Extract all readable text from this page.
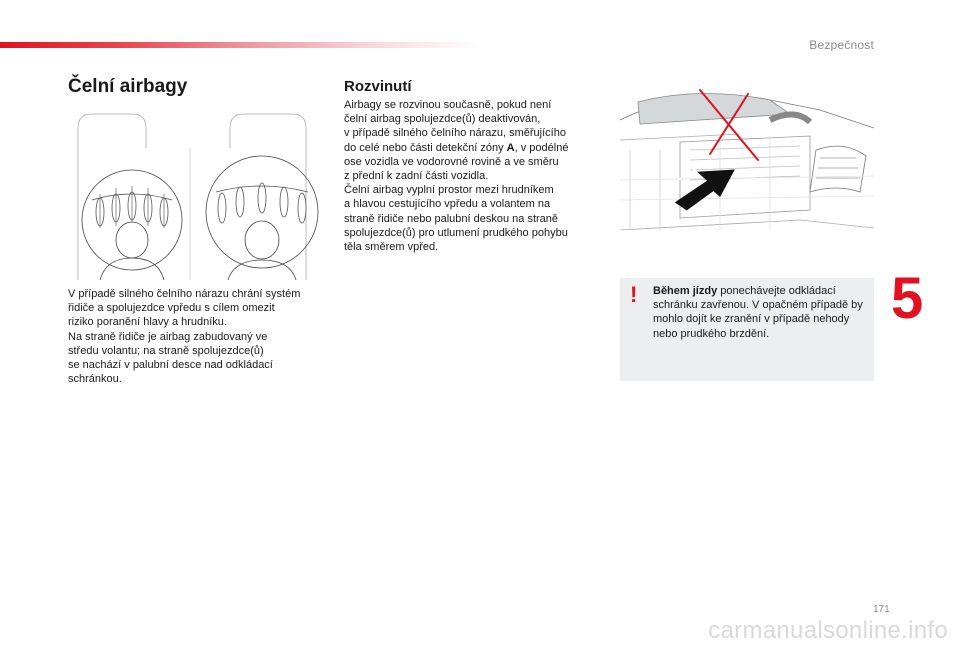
Bezpečnost
5
Čelní airbagy
V případě silného čelního nárazu chrání systém
řidiče a spolujezdce vpředu s cílem omezit
riziko poranění hlavy a hrudníku.
Na straně řidiče je airbag zabudovaný ve
středu volantu; na straně spolujezdce(ů)
se nachází v palubní desce nad odkládací
schránkou.
Rozvinutí
Airbagy se rozvinou současně, pokud není
čelní airbag spolujezdce(ů) deaktivován,
v případě silného čelního nárazu, směřujícího
do celé nebo části detekční zóny A, v podélné
ose vozidla ve vodorovné rovině a ve směru
z přední k zadní části vozidla.
Čelní airbag vyplní prostor mezi hrudníkem
a hlavou cestujícího vpředu a volantem na
straně řidiče nebo palubní deskou na straně
spolujezdce(ů) pro utlumení prudkého pohybu
těla směrem vpřed.
! Během jízdy ponechávejte odkládací schránku zavřenou. V opačném případě by mohlo dojít ke zranění v případě nehody nebo prudkého brzdění.
171
carmanualsonline.info
